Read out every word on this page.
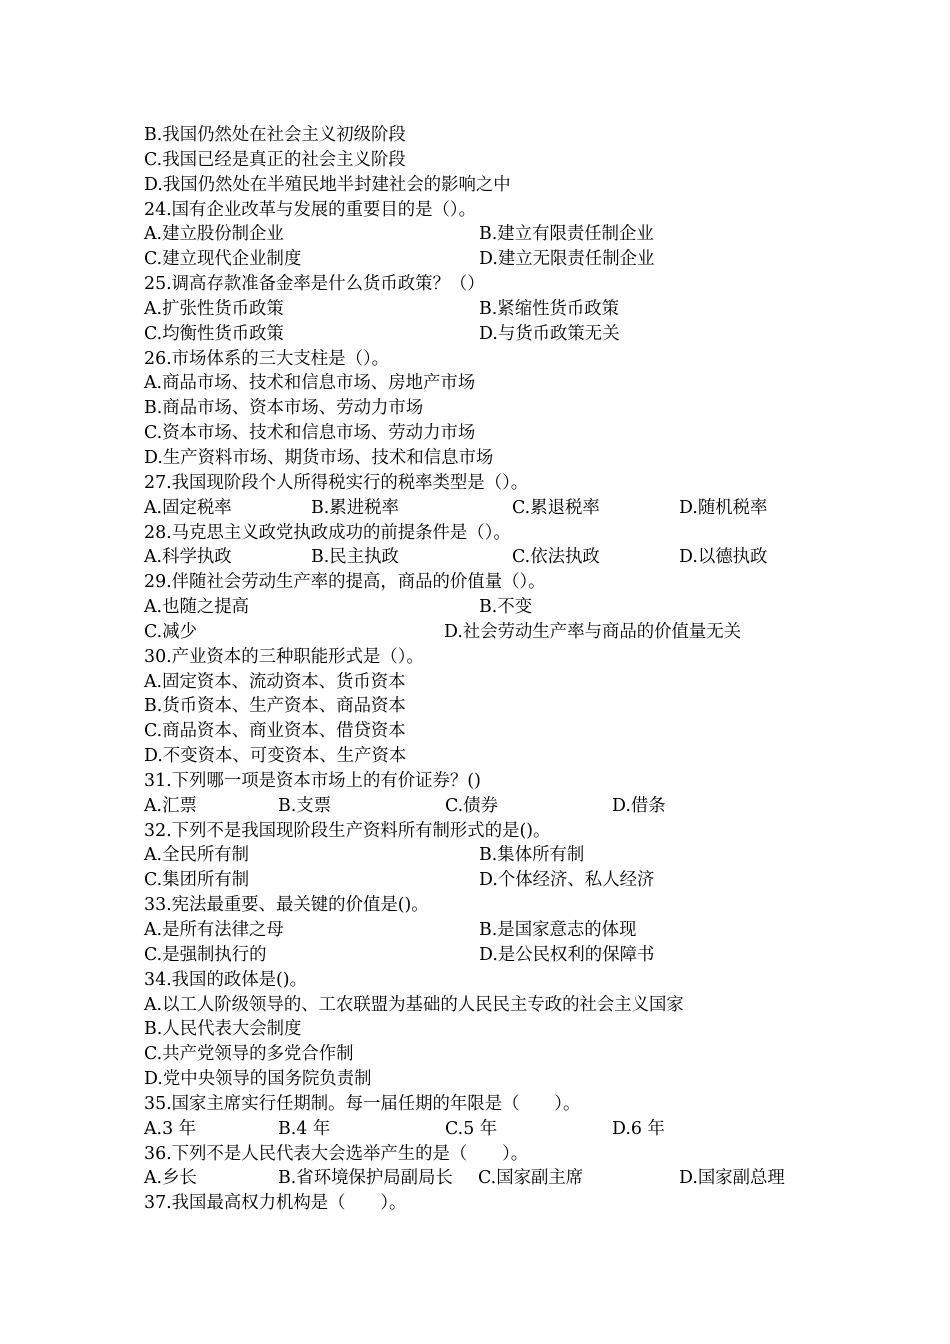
B.我国仍然处在社会主义初级阶段
C.我国已经是真正的社会主义阶段
D.我国仍然处在半殖民地半封建社会的影响之中
24.国有企业改革与发展的重要目的是（）。
A.建立股份制企业	B.建立有限责任制企业
C.建立现代企业制度	D.建立无限责任制企业
25.调高存款准备金率是什么货币政策？（）
A.扩张性货币政策	B.紧缩性货币政策
C.均衡性货币政策	D.与货币政策无关
26.市场体系的三大支柱是（）。
A.商品市场、技术和信息市场、房地产市场
B.商品市场、资本市场、劳动力市场
C.资本市场、技术和信息市场、劳动力市场
D.生产资料市场、期货市场、技术和信息市场
27.我国现阶段个人所得税实行的税率类型是（）。
A.固定税率	B.累进税率	C.累退税率	D.随机税率
28.马克思主义政党执政成功的前提条件是（）。
A.科学执政	B.民主执政	C.依法执政	D.以德执政
29.伴随社会劳动生产率的提高，商品的价值量（）。
A.也随之提高	B.不变
C.减少	D.社会劳动生产率与商品的价值量无关
30.产业资本的三种职能形式是（）。
A.固定资本、流动资本、货币资本
B.货币资本、生产资本、商品资本
C.商品资本、商业资本、借贷资本
D.不变资本、可变资本、生产资本
31.下列哪一项是资本市场上的有价证券？()
A.汇票	B.支票	C.债券	D.借条
32.下列不是我国现阶段生产资料所有制形式的是()。
A.全民所有制	B.集体所有制
C.集团所有制	D.个体经济、私人经济
33.宪法最重要、最关键的价值是()。
A.是所有法律之母	B.是国家意志的体现
C.是强制执行的	D.是公民权利的保障书
34.我国的政体是()。
A.以工人阶级领导的、工农联盟为基础的人民民主专政的社会主义国家
B.人民代表大会制度
C.共产党领导的多党合作制
D.党中央领导的国务院负责制
35.国家主席实行任期制。每一届任期的年限是（　　）。
A.3 年	B.4 年	C.5 年	D.6 年
36.下列不是人民代表大会选举产生的是（　　）。
A.乡长	B.省环境保护局副局长 C.国家副主席	D.国家副总理
37.我国最高权力机构是（　　）。
